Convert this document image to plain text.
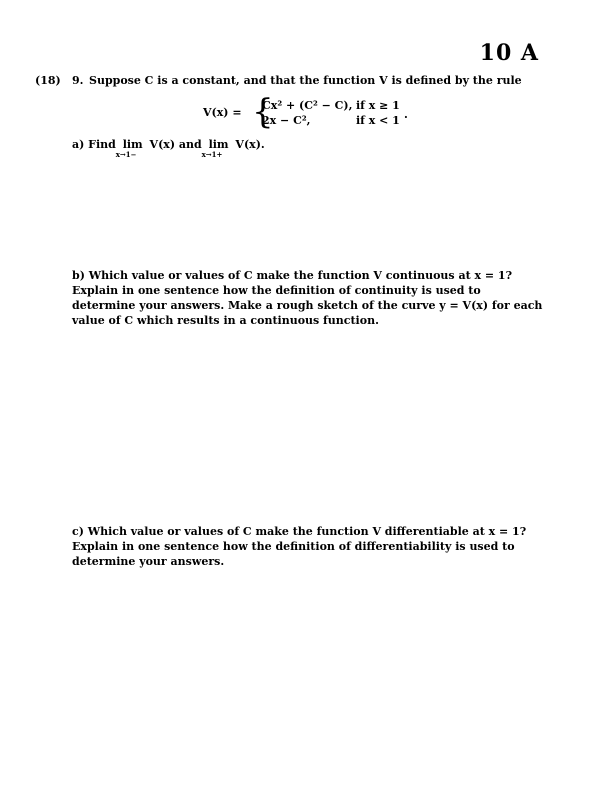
10 A
(18) 9. Suppose C is a constant, and that the function V is defined by the rule
V(x) = {
Cx² + (C² − C), if x ≥ 1
2x − C²,	if x < 1 .
a) Find lim
x→1−
V(x) and lim
x→1+
V(x).
b) Which value or values of C make the function V continuous at x = 1? Explain in one sentence how the definition of continuity is used to determine your answers. Make a rough sketch of the curve y = V(x) for each value of C which results in a continuous function.
c) Which value or values of C make the function V differentiable at x = 1? Explain in one sentence how the definition of differentiability is used to determine your answers.
